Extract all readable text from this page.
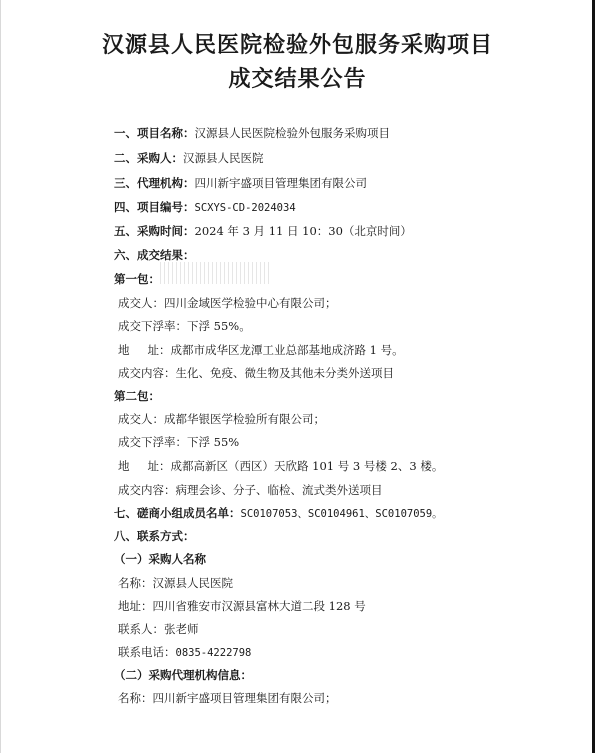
汉源县人民医院检验外包服务采购项目
成交结果公告
一、项目名称：汉源县人民医院检验外包服务采购项目
二、采购人：汉源县人民医院
三、代理机构：四川新宇盛项目管理集团有限公司
四、项目编号：SCXYS-CD-2024034
五、采购时间：2024 年 3 月 11 日 10：30（北京时间）
六、成交结果：
第一包：
成交人：四川金域医学检验中心有限公司；
成交下浮率：下浮 55%。
地 址：成都市成华区龙潭工业总部基地成济路 1 号。
成交内容：生化、免疫、微生物及其他未分类外送项目
第二包：
成交人：成都华银医学检验所有限公司；
成交下浮率：下浮 55%
地 址：成都高新区（西区）天欣路 101 号 3 号楼 2、3 楼。
成交内容：病理会诊、分子、临检、流式类外送项目
七、磋商小组成员名单：SC0107053、SC0104961、SC0107059。
八、联系方式：
（一）采购人名称
名称：汉源县人民医院
地址：四川省雅安市汉源县富林大道二段 128 号
联系人：张老师
联系电话：0835-4222798
（二）采购代理机构信息：
名称：四川新宇盛项目管理集团有限公司；
